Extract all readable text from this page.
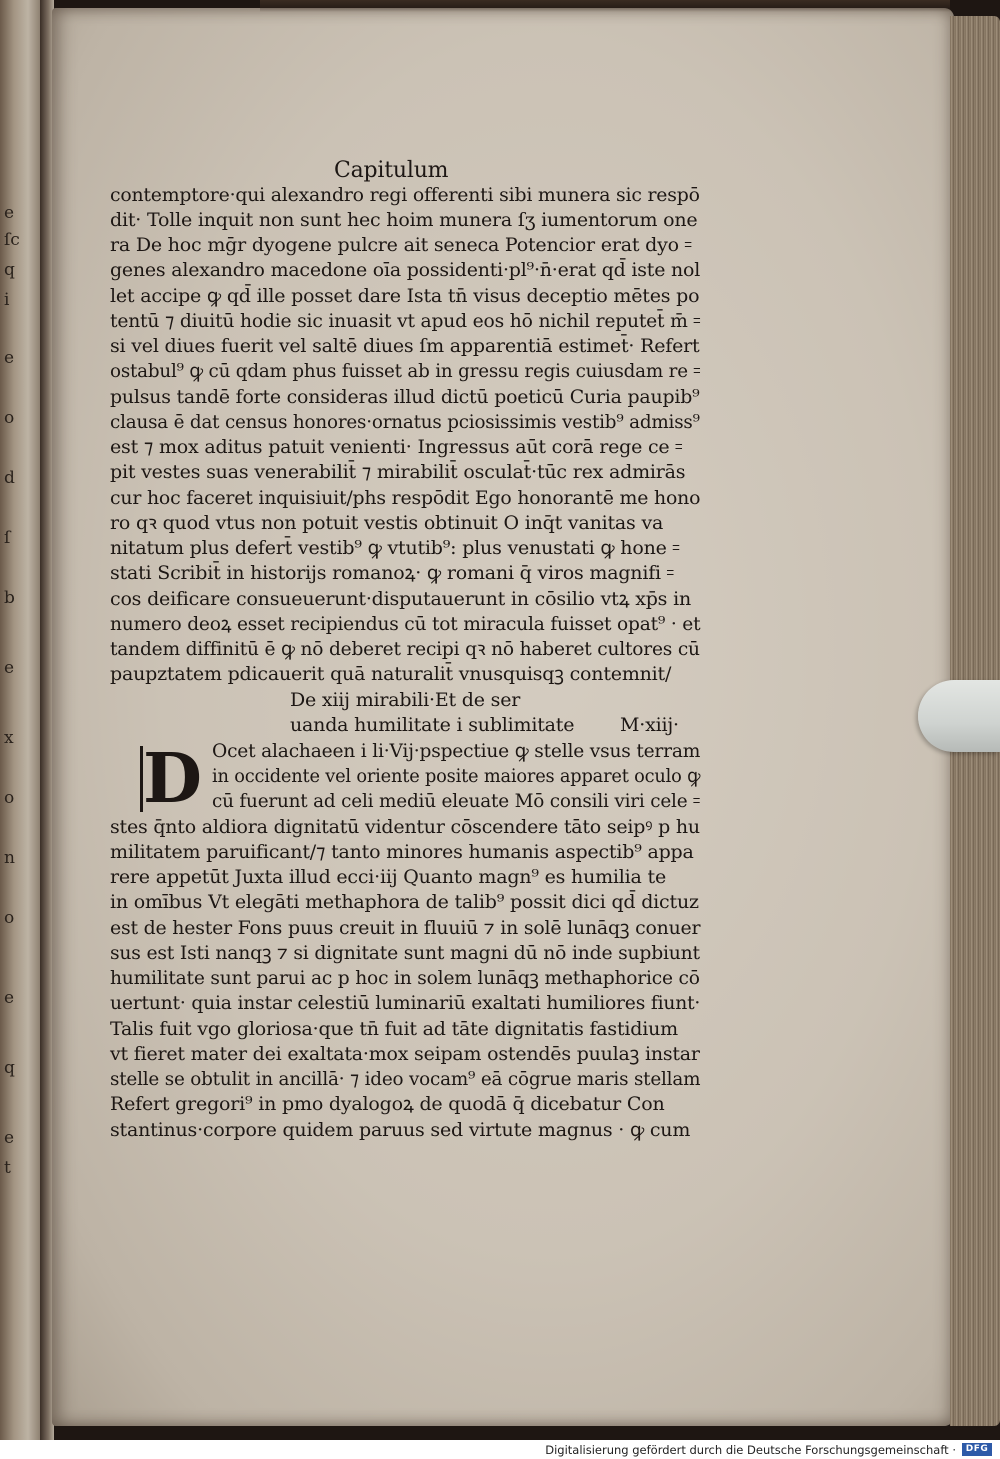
e
ſc
q
i
e
o
d
ſ
b
e
x
o
n
o
e
q
e
t
Capitulum
contemptore·qui alexandro regi offerenti sibi munera sic respō
dit· Tolle inquit non sunt hec hoim munera ſʒ iumentorum one
ra De hoc mḡr dyogene pulcre ait seneca Potencior erat dyo ꞊
genes alexandro macedone oīa possidenti·pl⁹·n̄·erat qd̄ iste nol
let accipe ꝙ qd̄ ille posset dare Ista tn̄ visus deceptio mētes po
tentū ⁊ diuitū hodie sic inuasit vt apud eos hō nichil reputet̄ m̄ ꞊
si vel diues fuerit vel saltē diues ſm apparentiā estimet̄· Refert
ostabul⁹ ꝙ cū qdam phus fuisset ab in gressu regis cuiusdam re ꞊
pulsus tandē forte consideras illud dictū poeticū Curia paupib⁹
clausa ē dat census honores·ornatus pciosissimis vestib⁹ admiss⁹
est ⁊ mox aditus patuit venienti· Ingressus aūt corā rege ce ꞊
pit vestes suas venerabilit̄ ⁊ mirabilit̄ osculat̄·tūc rex admirās
cur hoc faceret inquisiuit/phs respōdit Ego honorantē me hono
ro qꝛ quod vtus non potuit vestis obtinuit O inq̄t vanitas va
nitatum plus defert̄ vestib⁹ ꝙ vtutib⁹: plus venustati ꝙ hone ꞊
stati Scribit̄ in historijs romanoꝝ· ꝙ romani q̄ viros magnifi ꞊
cos deificare consueuerunt·disputauerunt in cōsilio vtꝝ xp̄s in
numero deoꝝ esset recipiendus cū tot miracula fuisset opat⁹ · et
tandem diffinitū ē ꝙ nō deberet recipi qꝛ nō haberet cultores cū
paupztatem pdicauerit quā naturalit̄ vnusquisqꝫ contemnit/
De xiij mirabili·Et de ser
uanda humilitate i sublimitate M·xiij·
D Ocet alachaeen i li·Vij·pspectiue ꝙ stelle vsus terram
in occidente vel oriente posite maiores apparet oculo ꝙ
cū fuerunt ad celi mediū eleuate Mō consili viri cele ꞊
stes q̄nto aldiora dignitatū videntur cōscendere tāto seipꝰ p hu
militatem paruificant/⁊ tanto minores humanis aspectib⁹ appa
rere appetūt Juxta illud ecci·iij Quanto magn⁹ es humilia te
in omībus Vt elegāti methaphora de talib⁹ possit dici qd̄ dictuz
est de hester Fons puus creuit in fluuiū ⁊ in solē lunāqꝫ conuer
sus est Isti nanqꝫ ⁊ si dignitate sunt magni dū nō inde supbiunt
humilitate sunt parui ac p hoc in solem lunāqꝫ methaphorice cō
uertunt· quia instar celestiū luminariū exaltati humiliores fiunt·
Talis fuit vgo gloriosa·que tn̄ fuit ad tāte dignitatis fastidium
vt fieret mater dei exaltata·mox seipam ostendēs puulaꝫ instar
stelle se obtulit in ancillā· ⁊ ideo vocam⁹ eā cōgrue maris stellam
Refert gregori⁹ in pmo dyalogoꝝ de quodā q̄ dicebatur Con
stantinus·corpore quidem paruus sed virtute magnus · ꝙ cum
Digitalisierung gefördert durch die Deutsche Forschungsgemeinschaft ·	DFG
